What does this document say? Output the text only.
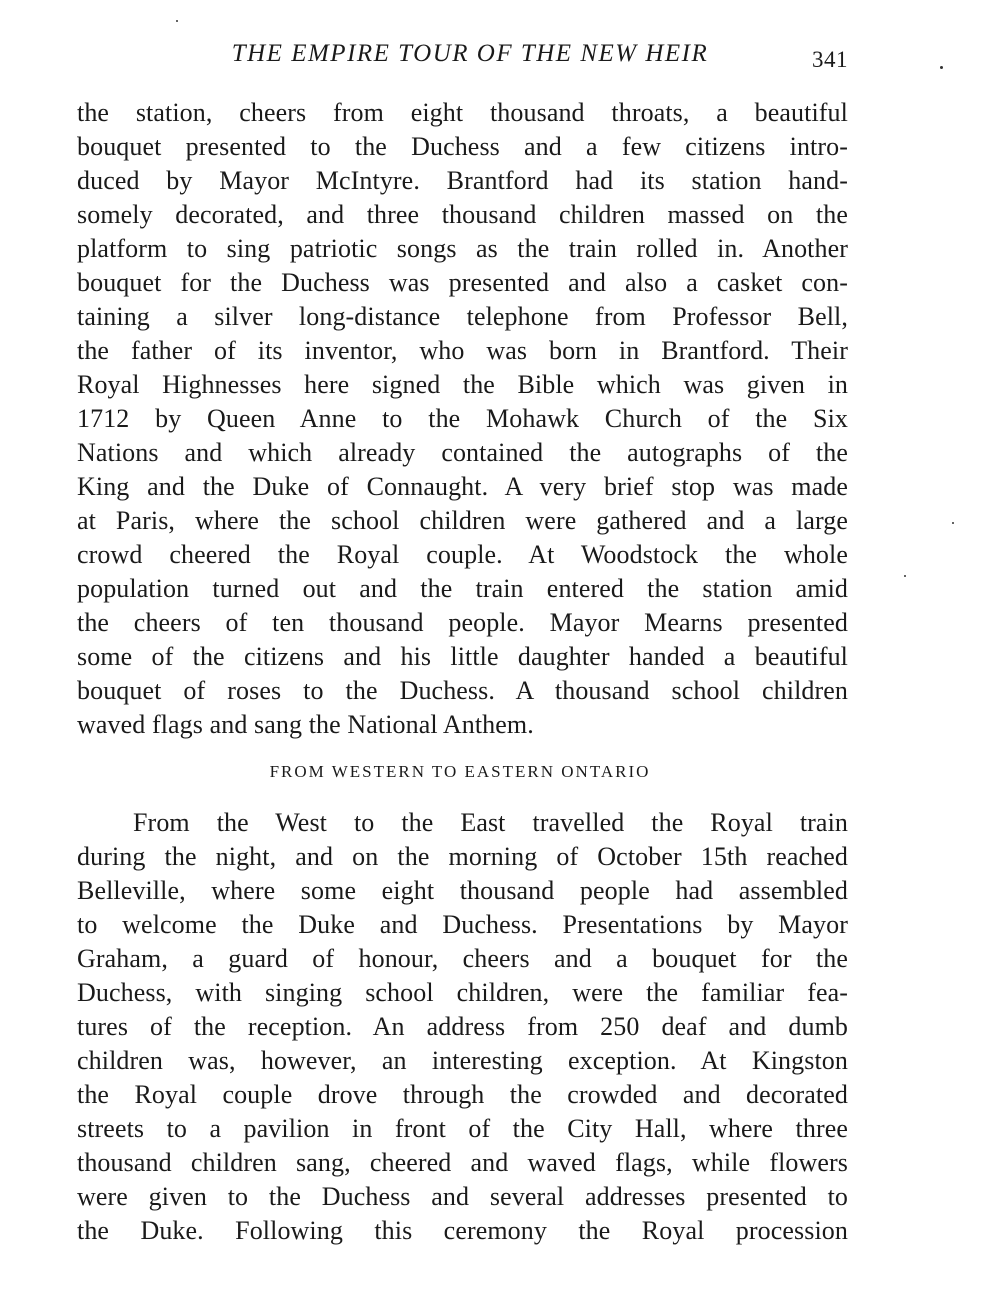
THE EMPIRE TOUR OF THE NEW HEIR	341
the station, cheers from eight thousand throats, a beautiful
bouquet presented to the Duchess and a few citizens intro-
duced by Mayor McIntyre. Brantford had its station hand-
somely decorated, and three thousand children massed on the
platform to sing patriotic songs as the train rolled in. Another
bouquet for the Duchess was presented and also a casket con-
taining a silver long-distance telephone from Professor Bell,
the father of its inventor, who was born in Brantford. Their
Royal Highnesses here signed the Bible which was given in
1712 by Queen Anne to the Mohawk Church of the Six
Nations and which already contained the autographs of the
King and the Duke of Connaught. A very brief stop was made
at Paris, where the school children were gathered and a large
crowd cheered the Royal couple. At Woodstock the whole
population turned out and the train entered the station amid
the cheers of ten thousand people. Mayor Mearns presented
some of the citizens and his little daughter handed a beautiful
bouquet of roses to the Duchess. A thousand school children
waved flags and sang the National Anthem.
FROM WESTERN TO EASTERN ONTARIO
From the West to the East travelled the Royal train
during the night, and on the morning of October 15th reached
Belleville, where some eight thousand people had assembled
to welcome the Duke and Duchess. Presentations by Mayor
Graham, a guard of honour, cheers and a bouquet for the
Duchess, with singing school children, were the familiar fea-
tures of the reception. An address from 250 deaf and dumb
children was, however, an interesting exception. At Kingston
the Royal couple drove through the crowded and decorated
streets to a pavilion in front of the City Hall, where three
thousand children sang, cheered and waved flags, while flowers
were given to the Duchess and several addresses presented to
the Duke. Following this ceremony the Royal procession
